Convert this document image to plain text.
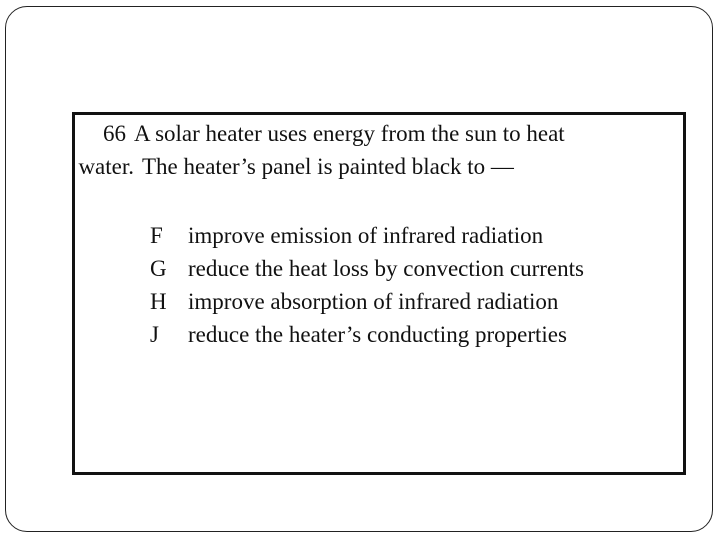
66 A solar heater uses energy from the sun to heat
water. The heater’s panel is painted black to —
F improve emission of infrared radiation
G reduce the heat loss by convection currents
H improve absorption of infrared radiation
J reduce the heater’s conducting properties
